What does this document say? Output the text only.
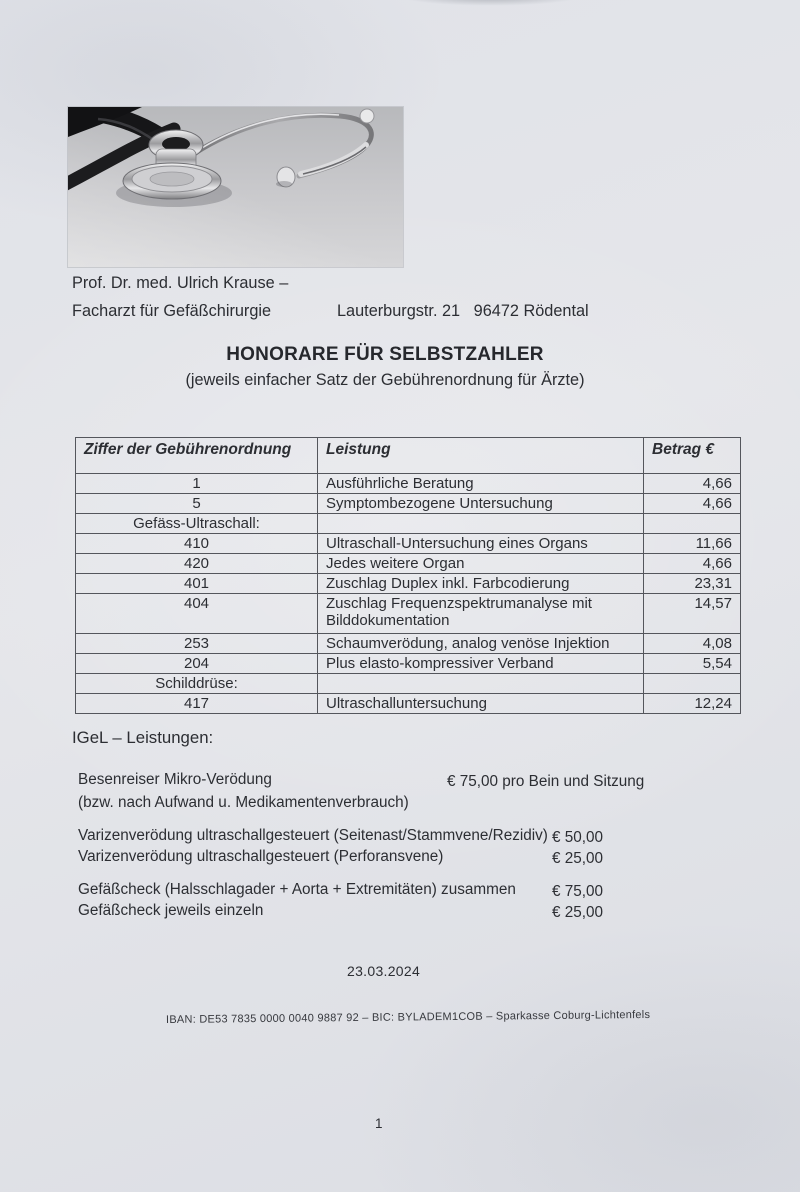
Prof. Dr. med. Ulrich Krause –
Facharzt für Gefäßchirurgie	Lauterburgstr. 21   96472 Rödental
HONORARE FÜR SELBSTZAHLER
(jeweils einfacher Satz der Gebührenordnung für Ärzte)
Ziffer der Gebührenordnung	Leistung	Betrag €
1	Ausführliche Beratung	4,66
5	Symptombezogene Untersuchung	4,66
Gefäss-Ultraschall:		
410	Ultraschall-Untersuchung eines Organs	11,66
420	Jedes weitere Organ	4,66
401	Zuschlag Duplex inkl. Farbcodierung	23,31
404	Zuschlag Frequenzspektrumanalyse mit Bilddokumentation	14,57
253	Schaumverödung, analog venöse Injektion	4,08
204	Plus elasto-kompressiver Verband	5,54
Schilddrüse:		
417	Ultraschalluntersuchung	12,24
IGeL – Leistungen:
Besenreiser Mikro-Verödung	€ 75,00 pro Bein und Sitzung
(bzw. nach Aufwand u. Medikamentenverbrauch)
Varizenverödung ultraschallgesteuert (Seitenast/Stammvene/Rezidiv) € 50,00
Varizenverödung ultraschallgesteuert (Perforansvene)	€ 25,00
Gefäßcheck (Halsschlagader + Aorta + Extremitäten) zusammen € 75,00
Gefäßcheck jeweils einzeln	€ 25,00
23.03.2024
IBAN: DE53 7835 0000 0040 9887 92 – BIC: BYLADEM1COB – Sparkasse Coburg-Lichtenfels
1
